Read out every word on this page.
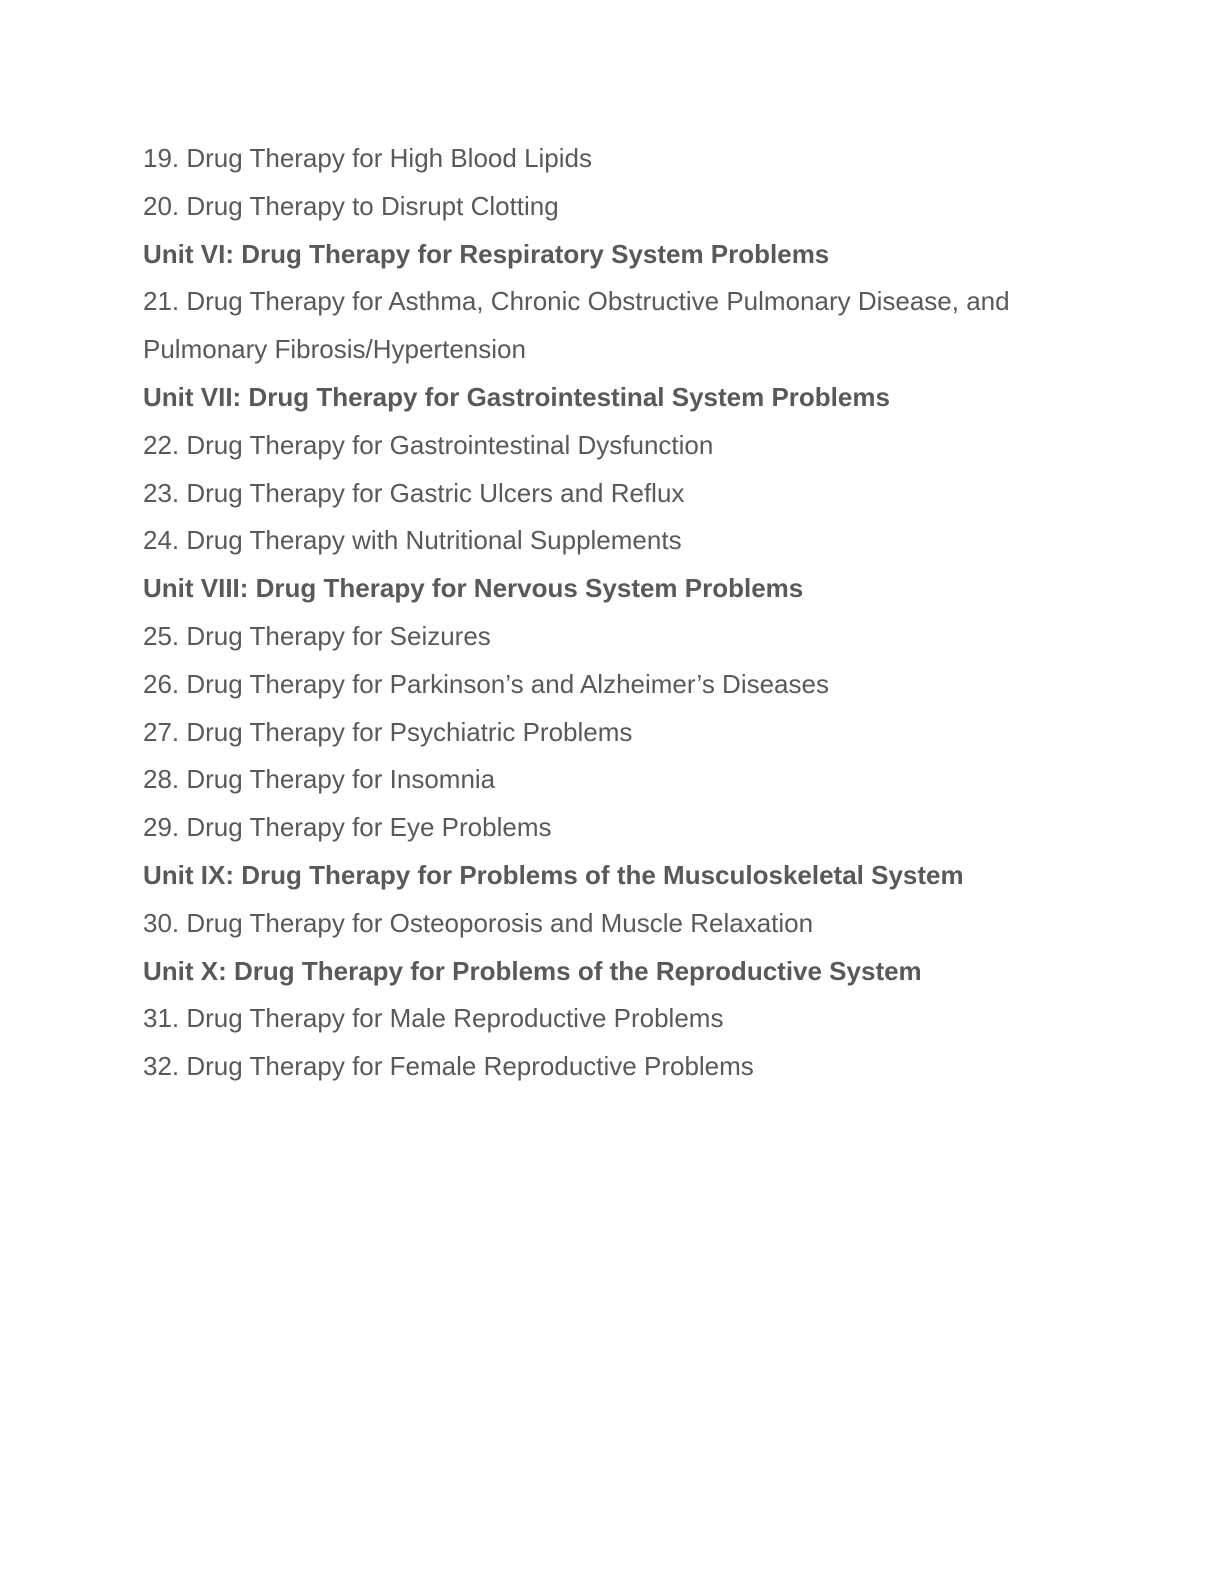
19. Drug Therapy for High Blood Lipids

20. Drug Therapy to Disrupt Clotting

Unit VI: Drug Therapy for Respiratory System Problems

21. Drug Therapy for Asthma, Chronic Obstructive Pulmonary Disease, and Pulmonary Fibrosis/Hypertension

Unit VII: Drug Therapy for Gastrointestinal System Problems

22. Drug Therapy for Gastrointestinal Dysfunction

23. Drug Therapy for Gastric Ulcers and Reflux

24. Drug Therapy with Nutritional Supplements

Unit VIII: Drug Therapy for Nervous System Problems

25. Drug Therapy for Seizures

26. Drug Therapy for Parkinson’s and Alzheimer’s Diseases

27. Drug Therapy for Psychiatric Problems

28. Drug Therapy for Insomnia

29. Drug Therapy for Eye Problems

Unit IX: Drug Therapy for Problems of the Musculoskeletal System

30. Drug Therapy for Osteoporosis and Muscle Relaxation

Unit X: Drug Therapy for Problems of the Reproductive System

31. Drug Therapy for Male Reproductive Problems

32. Drug Therapy for Female Reproductive Problems
